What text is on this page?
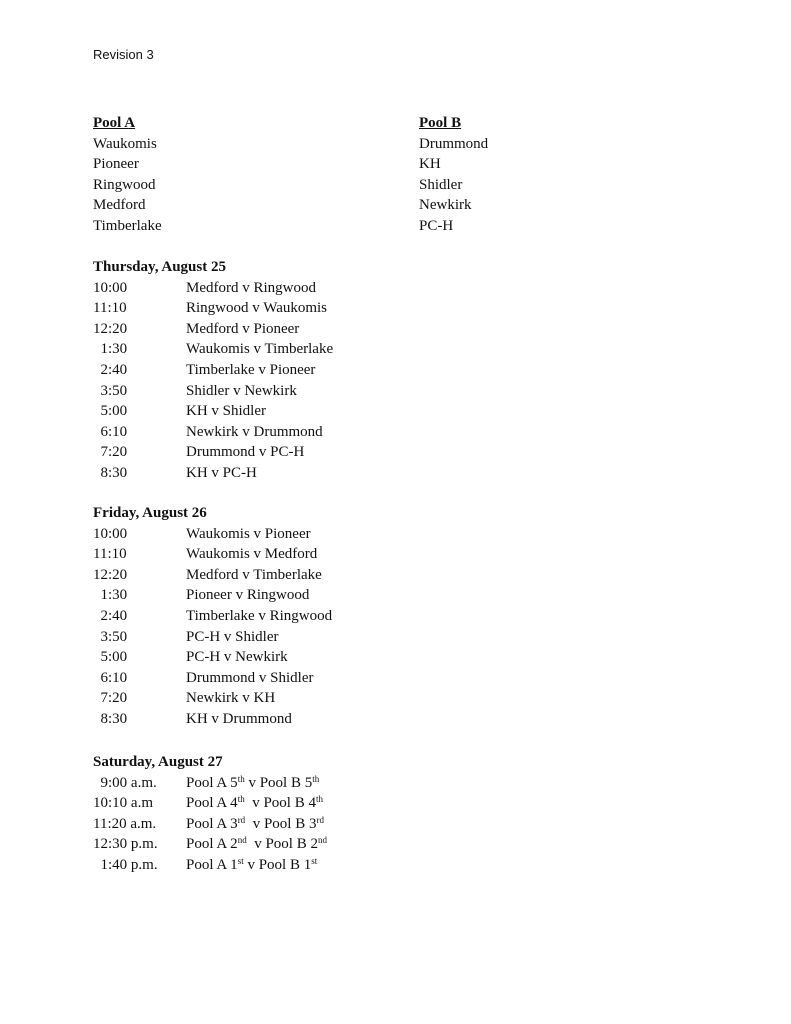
Revision 3
Pool A
Waukomis
Pioneer
Ringwood
Medford
Timberlake
Pool B
Drummond
KH
Shidler
Newkirk
PC-H
Thursday, August 25
10:00	Medford v Ringwood
11:10	Ringwood v Waukomis
12:20	Medford v Pioneer
1:30	Waukomis v Timberlake
2:40	Timberlake v Pioneer
3:50	Shidler v Newkirk
5:00	KH v Shidler
6:10	Newkirk v Drummond
7:20	Drummond v PC-H
8:30	KH v PC-H
Friday, August 26
10:00	Waukomis v Pioneer
11:10	Waukomis v Medford
12:20	Medford v Timberlake
1:30	Pioneer v Ringwood
2:40	Timberlake v Ringwood
3:50	PC-H v Shidler
5:00	PC-H v Newkirk
6:10	Drummond v Shidler
7:20	Newkirk v KH
8:30	KH v Drummond
Saturday, August 27
9:00 a.m.	Pool A 5th v Pool B 5th
10:10 a.m	Pool A 4th  v Pool B 4th
11:20 a.m.	Pool A 3rd  v Pool B 3rd
12:30 p.m.	Pool A 2nd  v Pool B 2nd
1:40 p.m.	Pool A 1st v Pool B 1st
